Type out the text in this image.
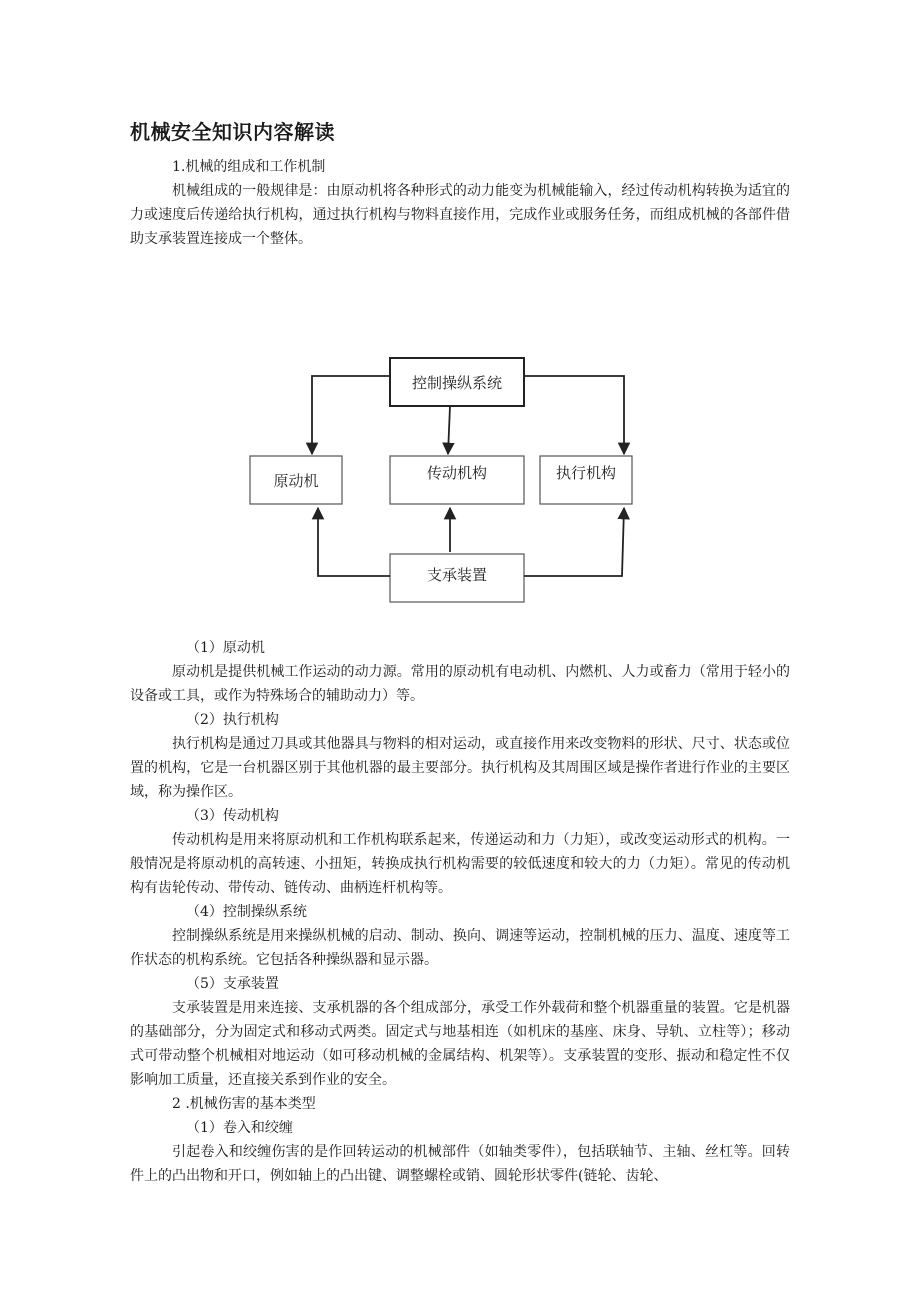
机械安全知识内容解读

1.机械的组成和工作机制

机械组成的一般规律是：由原动机将各种形式的动力能变为机械能输入，经过传动机构转换为适宜的力或速度后传递给执行机构，通过执行机构与物料直接作用，完成作业或服务任务，而组成机械的各部件借助支承装置连接成一个整体。

控制操纵系统
原动机	传动机构	执行机构
支承装置

（1）原动机

原动机是提供机械工作运动的动力源。常用的原动机有电动机、内燃机、人力或畜力（常用于轻小的设备或工具，或作为特殊场合的辅助动力）等。

（2）执行机构

执行机构是通过刀具或其他器具与物料的相对运动，或直接作用来改变物料的形状、尺寸、状态或位置的机构，它是一台机器区别于其他机器的最主要部分。执行机构及其周围区域是操作者进行作业的主要区域，称为操作区。

（3）传动机构

传动机构是用来将原动机和工作机构联系起来，传递运动和力（力矩），或改变运动形式的机构。一般情况是将原动机的高转速、小扭矩，转换成执行机构需要的较低速度和较大的力（力矩）。常见的传动机构有齿轮传动、带传动、链传动、曲柄连杆机构等。

（4）控制操纵系统

控制操纵系统是用来操纵机械的启动、制动、换向、调速等运动，控制机械的压力、温度、速度等工作状态的机构系统。它包括各种操纵器和显示器。

（5）支承装置

支承装置是用来连接、支承机器的各个组成部分，承受工作外载荷和整个机器重量的装置。它是机器的基础部分，分为固定式和移动式两类。固定式与地基相连（如机床的基座、床身、导轨、立柱等）；移动式可带动整个机械相对地运动（如可移动机械的金属结构、机架等）。支承装置的变形、振动和稳定性不仅影响加工质量，还直接关系到作业的安全。

2 .机械伤害的基本类型

（1）卷入和绞缠

引起卷入和绞缠伤害的是作回转运动的机械部件（如轴类零件），包括联轴节、主轴、丝杠等。回转件上的凸出物和开口，例如轴上的凸出键、调整螺栓或销、圆轮形状零件(链轮、齿轮、
